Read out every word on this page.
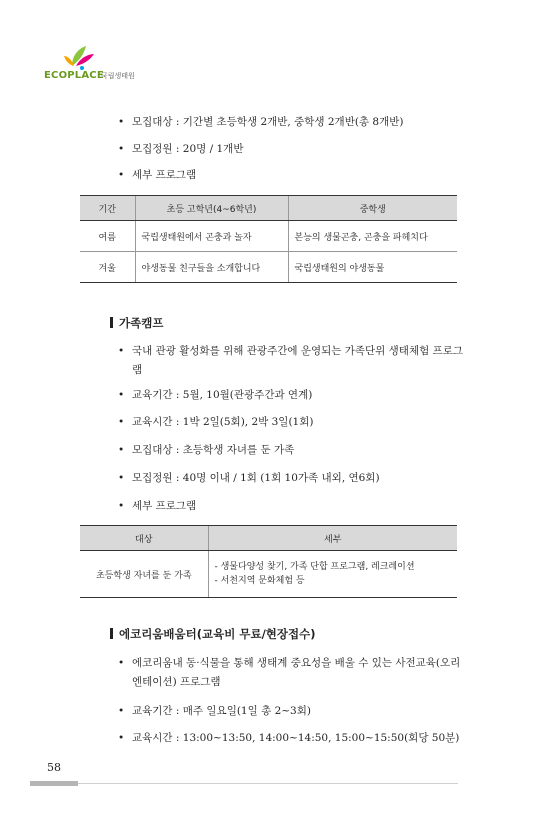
ECOPLACE
국립생태원
• 모집대상 : 기간별 초등학생 2개반, 중학생 2개반(총 8개반)
• 모집정원 : 20명 / 1개반
• 세부 프로그램
기간	초등 고학년(4~6학년)	중학생
여름	국립생태원에서 곤충과 놀자	본능의 생물곤충, 곤충을 파헤치다
겨울	야생동물 친구들을 소개합니다	국립생태원의 야생동물
가족캠프
• 국내 관광 활성화를 위해 관광주간에 운영되는 가족단위 생태체험 프로그램
• 교육기간 : 5월, 10월(관광주간과 연계)
• 교육시간 : 1박 2일(5회), 2박 3일(1회)
• 모집대상 : 초등학생 자녀를 둔 가족
• 모집정원 : 40명 이내 / 1회 (1회 10가족 내외, 연6회)
• 세부 프로그램
대상	세부
초등학생 자녀를 둔 가족	- 생물다양성 찾기, 가족 단합 프로그램, 레크레이션
- 서천지역 문화체험 등
에코리움배움터(교육비 무료/현장접수)
• 에코리움내 동·식물을 통해 생태계 중요성을 배울 수 있는 사전교육(오리엔테이션) 프로그램
• 교육기간 : 매주 일요일(1일 총 2~3회)
• 교육시간 : 13:00~13:50, 14:00~14:50, 15:00~15:50(회당 50분)
58
